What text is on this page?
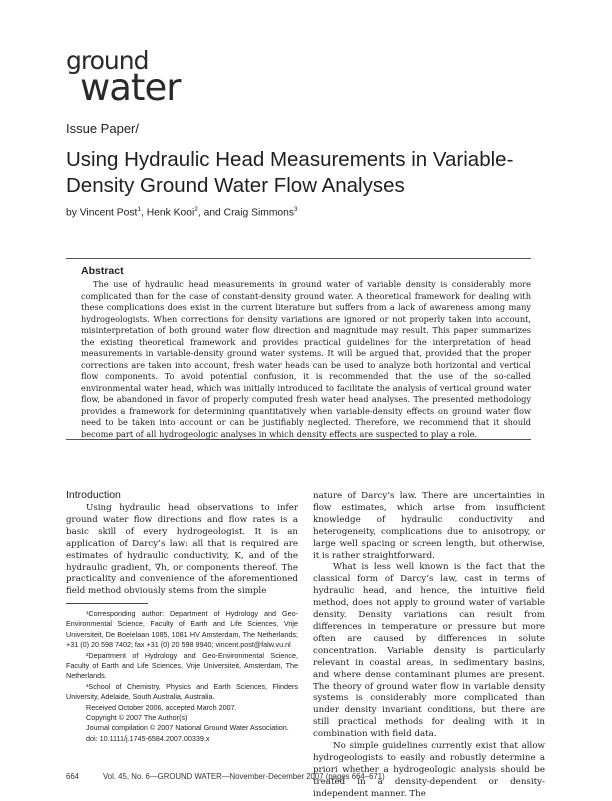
ground
water
Issue Paper/
Using Hydraulic Head Measurements in Variable-Density Ground Water Flow Analyses
by Vincent Post$^1$, Henk Kooi$^2$, and Craig Simmons$^3$
Abstract

The use of hydraulic head measurements in ground water of variable density is considerably more complicated than for the case of constant-density ground water. A theoretical framework for dealing with these complications does exist in the current literature but suffers from a lack of awareness among many hydrogeologists. When corrections for density variations are ignored or not properly taken into account, misinterpretation of both ground water flow direction and magnitude may result. This paper summarizes the existing theoretical framework and provides practical guidelines for the interpretation of head measurements in variable-density ground water systems. It will be argued that, provided that the proper corrections are taken into account, fresh water heads can be used to analyze both horizontal and vertical flow components. To avoid potential confusion, it is recommended that the use of the so-called environmental water head, which was initially introduced to facilitate the analysis of vertical ground water flow, be abandoned in favor of properly computed fresh water head analyses. The presented methodology provides a framework for determining quantitatively when variable-density effects on ground water flow need to be taken into account or can be justifiably neglected. Therefore, we recommend that it should become part of all hydrogeologic analyses in which density effects are suspected to play a role.

Introduction

Using hydraulic head observations to infer ground water flow directions and flow rates is a basic skill of every hydrogeologist. It is an application of Darcy’s law: all that is required are estimates of hydraulic conductivity, K, and of the hydraulic gradient, ∇h, or components thereof. The practicality and convenience of the aforementioned field method obviously stems from the simple

¹Corresponding author: Department of Hydrology and Geo-Environmental Science, Faculty of Earth and Life Sciences, Vrije Universiteit, De Boelelaan 1085, 1081 HV Amsterdam, The Netherlands; +31 (0) 20 598 7402; fax +31 (0) 20 598 9940; vincent.post@falw.vu.nl

²Department of Hydrology and Geo-Environmental Science, Faculty of Earth and Life Sciences, Vrije Universiteit, Amsterdam, The Netherlands.

³School of Chemistry, Physics and Earth Sciences, Flinders University, Adelaide, South Australia, Australia.

Received October 2006, accepted March 2007.

Copyright © 2007 The Author(s)

Journal compilation © 2007 National Ground Water Association.

doi: 10.1111/j.1745-6584.2007.00339.x

nature of Darcy’s law. There are uncertainties in flow estimates, which arise from insufficient knowledge of hydraulic conductivity and heterogeneity, complications due to anisotropy, or large well spacing or screen length, but otherwise, it is rather straightforward.

What is less well known is the fact that the classical form of Darcy’s law, cast in terms of hydraulic head, and hence, the intuitive field method, does not apply to ground water of variable density. Density variations can result from differences in temperature or pressure but more often are caused by differences in solute concentration. Variable density is particularly relevant in coastal areas, in sedimentary basins, and where dense contaminant plumes are present. The theory of ground water flow in variable density systems is considerably more complicated than under density invariant conditions, but there are still practical methods for dealing with it in combination with field data.

No simple guidelines currently exist that allow hydrogeologists to easily and robustly determine a priori whether a hydrogeologic analysis should be treated in a density-dependent or density-independent manner. The

664	Vol. 45, No. 6—GROUND WATER—November-December 2007 (pages 664–671)
